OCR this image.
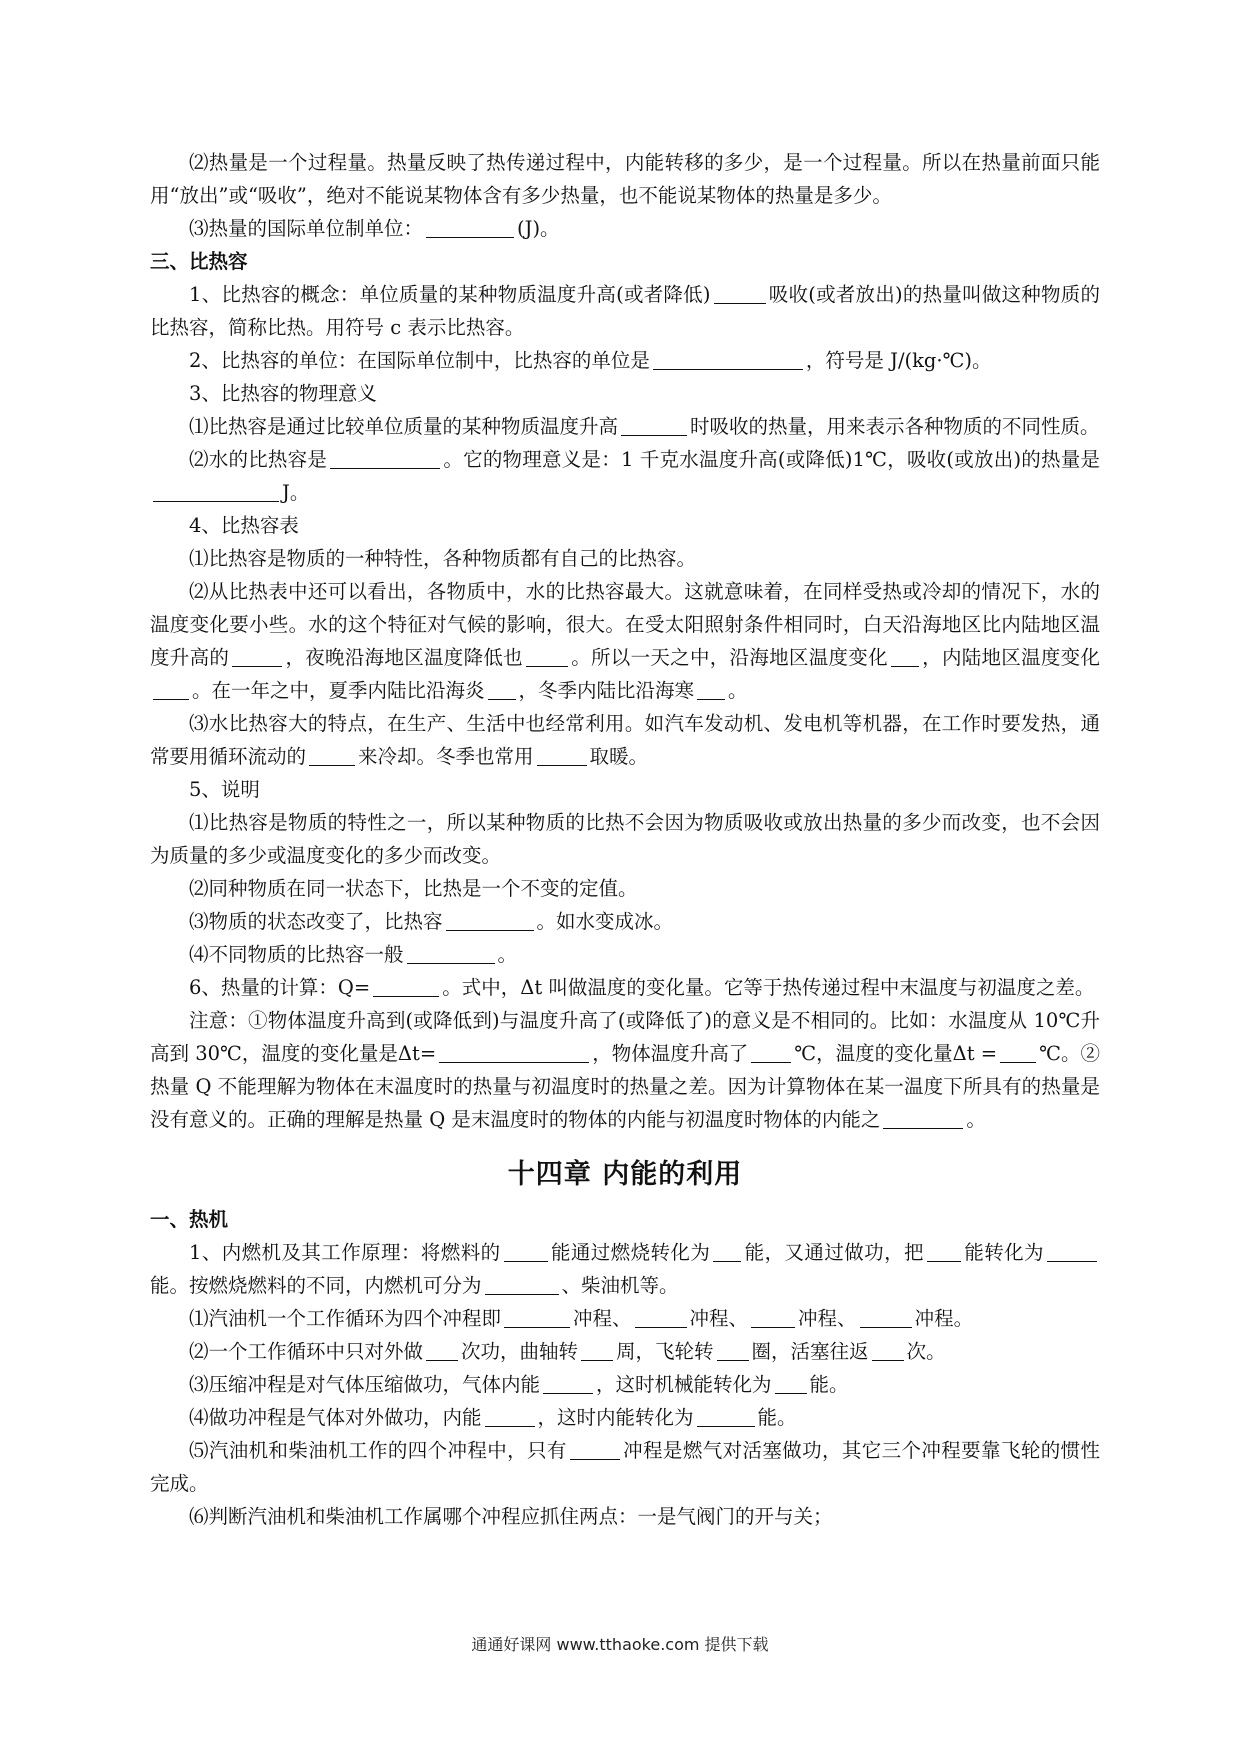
⑵热量是一个过程量。热量反映了热传递过程中，内能转移的多少，是一个过程量。所以在热量前面只能用“放出”或“吸收”，绝对不能说某物体含有多少热量，也不能说某物体的热量是多少。

⑶热量的国际单位制单位：	(J)。

三、比热容

1、比热容的概念：单位质量的某种物质温度升高(或者降低)	吸收(或者放出)的热量叫做这种物质的比热容，简称比热。用符号 c 表示比热容。

2、比热容的单位：在国际单位制中，比热容的单位是	，符号是 J/(kg·℃)。

3、比热容的物理意义

⑴比热容是通过比较单位质量的某种物质温度升高	时吸收的热量，用来表示各种物质的不同性质。

⑵水的比热容是	。它的物理意义是：1 千克水温度升高(或降低)1℃，吸收(或放出)的热量是J。

4、比热容表

⑴比热容是物质的一种特性，各种物质都有自己的比热容。

⑵从比热表中还可以看出，各物质中，水的比热容最大。这就意味着，在同样受热或冷却的情况下，水的温度变化要小些。水的这个特征对气候的影响，很大。在受太阳照射条件相同时，白天沿海地区比内陆地区温度升高的	，夜晚沿海地区温度降低也 。所以一天之中，沿海地区温度变化 ，内陆地区温度变化。在一年之中，夏季内陆比沿海炎 ，冬季内陆比沿海寒 。

⑶水比热容大的特点，在生产、生活中也经常利用。如汽车发动机、发电机等机器，在工作时要发热，通常要用循环流动的	来冷却。冬季也常用	取暖。

5、说明

⑴比热容是物质的特性之一，所以某种物质的比热不会因为物质吸收或放出热量的多少而改变，也不会因为质量的多少或温度变化的多少而改变。

⑵同种物质在同一状态下，比热是一个不变的定值。

⑶物质的状态改变了，比热容	。如水变成冰。

⑷不同物质的比热容一般	。

6、热量的计算：Q=	。式中，Δt 叫做温度的变化量。它等于热传递过程中末温度与初温度之差。

注意：①物体温度升高到(或降低到)与温度升高了(或降低了)的意义是不相同的。比如：水温度从 10℃升高到 30℃，温度的变化量是Δt=	，物体温度升高了 ℃，温度的变化量Δt = ℃。②热量 Q 不能理解为物体在末温度时的热量与初温度时的热量之差。因为计算物体在某一温度下所具有的热量是没有意义的。正确的理解是热量 Q 是末温度时的物体的内能与初温度时物体的内能之	。

十四章 内能的利用

一、热机

1、内燃机及其工作原理：将燃料的	能通过燃烧转化为 能，又通过做功，把 能转化为能。按燃烧燃料的不同，内燃机可分为	、柴油机等。

⑴汽油机一个工作循环为四个冲程即	冲程、	冲程、	冲程、	冲程。

⑵一个工作循环中只对外做 次功，曲轴转 周，飞轮转 圈，活塞往返 次。

⑶压缩冲程是对气体压缩做功，气体内能	，这时机械能转化为 能。

⑷做功冲程是气体对外做功，内能	，这时内能转化为	能。

⑸汽油机和柴油机工作的四个冲程中，只有	冲程是燃气对活塞做功，其它三个冲程要靠飞轮的惯性完成。

⑹判断汽油机和柴油机工作属哪个冲程应抓住两点：一是气阀门的开与关；

通通好课网 www.tthaoke.com 提供下载
